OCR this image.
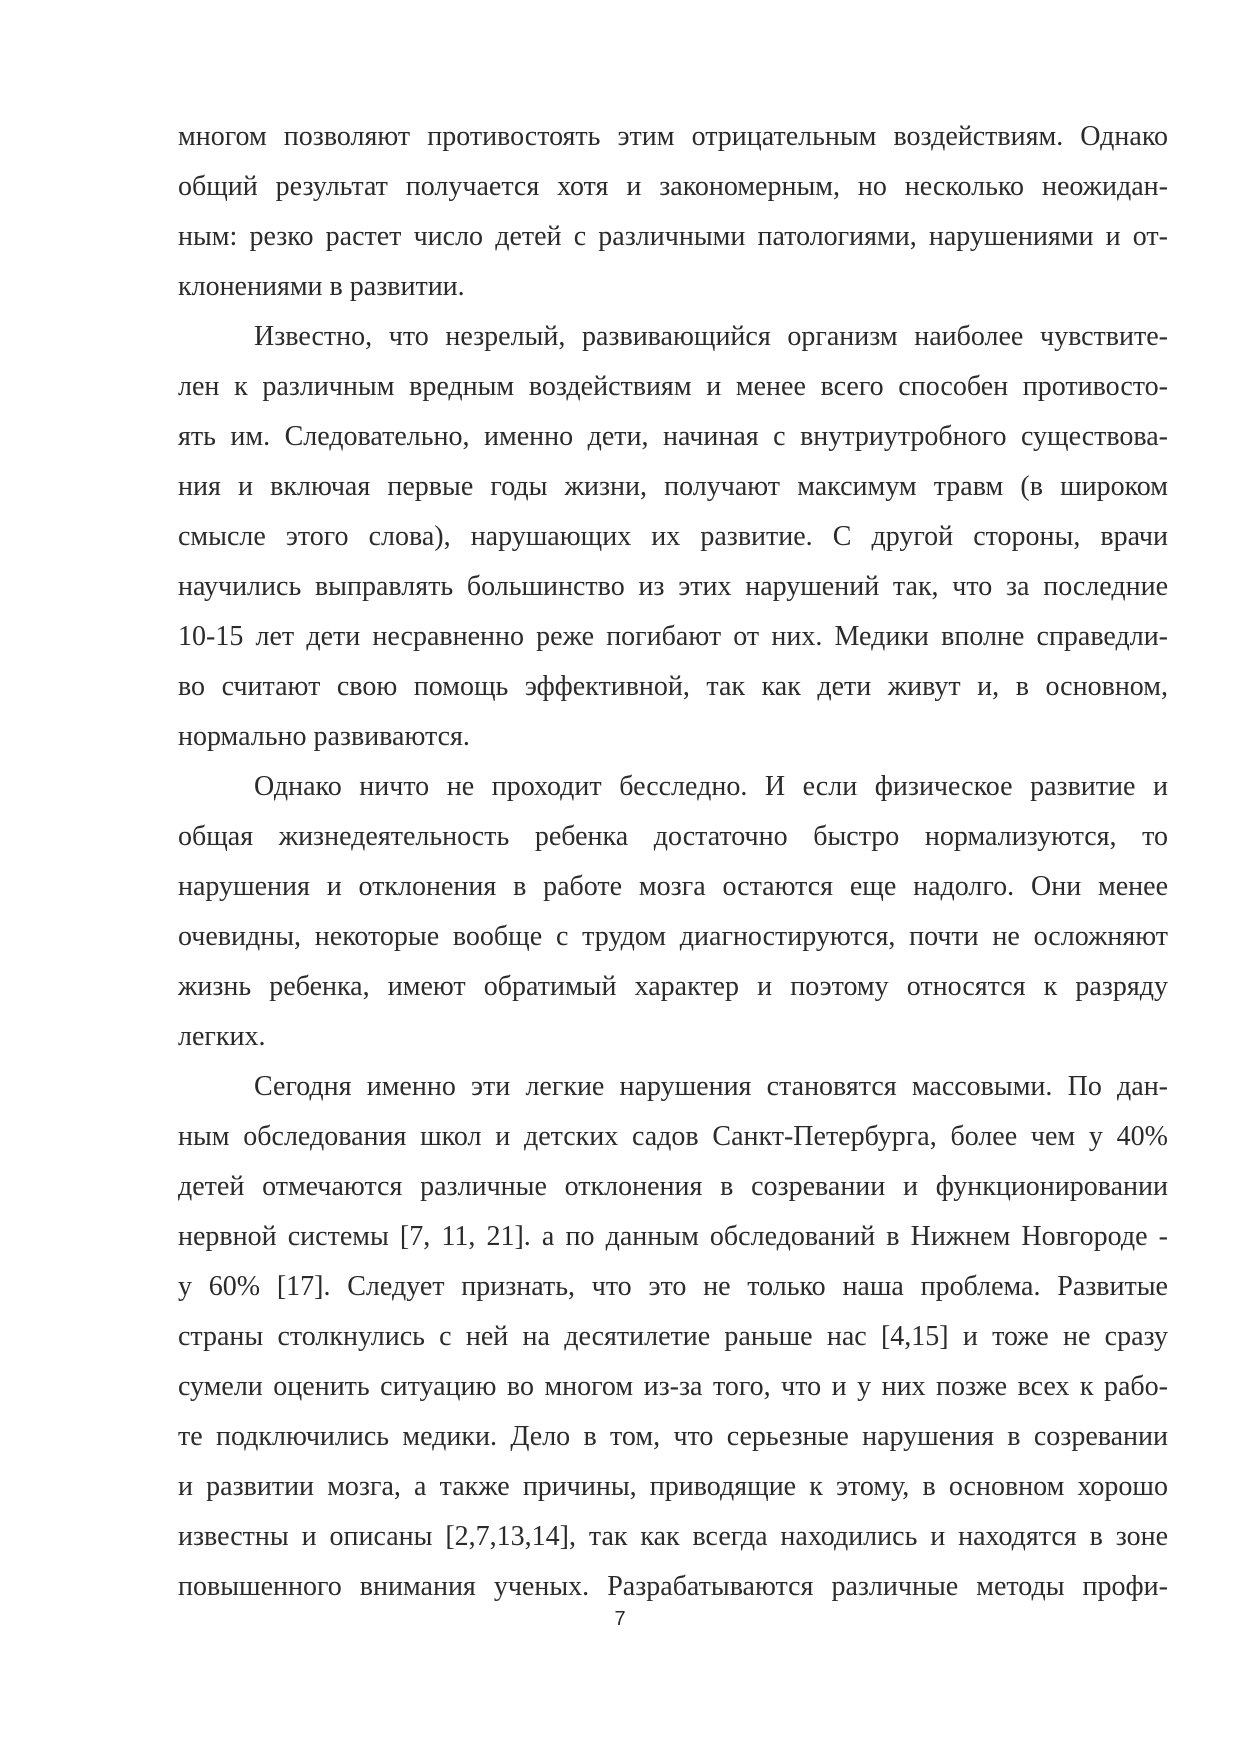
многом позволяют противостоять этим отрицательным воздействиям. Однако
общий результат получается хотя и закономерным, но несколько неожидан-
ным: резко растет число детей с различными патологиями, нарушениями и от-
клонениями в развитии.
Известно, что незрелый, развивающийся организм наиболее чувствите-
лен к различным вредным воздействиям и менее всего способен противосто-
ять им. Следовательно, именно дети, начиная с внутриутробного существова-
ния и включая первые годы жизни, получают максимум травм (в широком
смысле этого слова), нарушающих их развитие. С другой стороны, врачи
научились выправлять большинство из этих нарушений так, что за последние
10-15 лет дети несравненно реже погибают от них. Медики вполне справедли-
во считают свою помощь эффективной, так как дети живут и, в основном,
нормально развиваются.
Однако ничто не проходит бесследно. И если физическое развитие и
общая жизнедеятельность ребенка достаточно быстро нормализуются, то
нарушения и отклонения в работе мозга остаются еще надолго. Они менее
очевидны, некоторые вообще с трудом диагностируются, почти не осложняют
жизнь ребенка, имеют обратимый характер и поэтому относятся к разряду
легких.
Сегодня именно эти легкие нарушения становятся массовыми. По дан-
ным обследования школ и детских садов Санкт-Петербурга, более чем у 40%
детей отмечаются различные отклонения в созревании и функционировании
нервной системы [7, 11, 21]. а по данным обследований в Нижнем Новгороде -
у 60% [17]. Следует признать, что это не только наша проблема. Развитые
страны столкнулись с ней на десятилетие раньше нас [4,15] и тоже не сразу
сумели оценить ситуацию во многом из-за того, что и у них позже всех к рабо-
те подключились медики. Дело в том, что серьезные нарушения в созревании
и развитии мозга, а также причины, приводящие к этому, в основном хорошо
известны и описаны [2,7,13,14], так как всегда находились и находятся в зоне
повышенного внимания ученых. Разрабатываются различные методы профи-
7
